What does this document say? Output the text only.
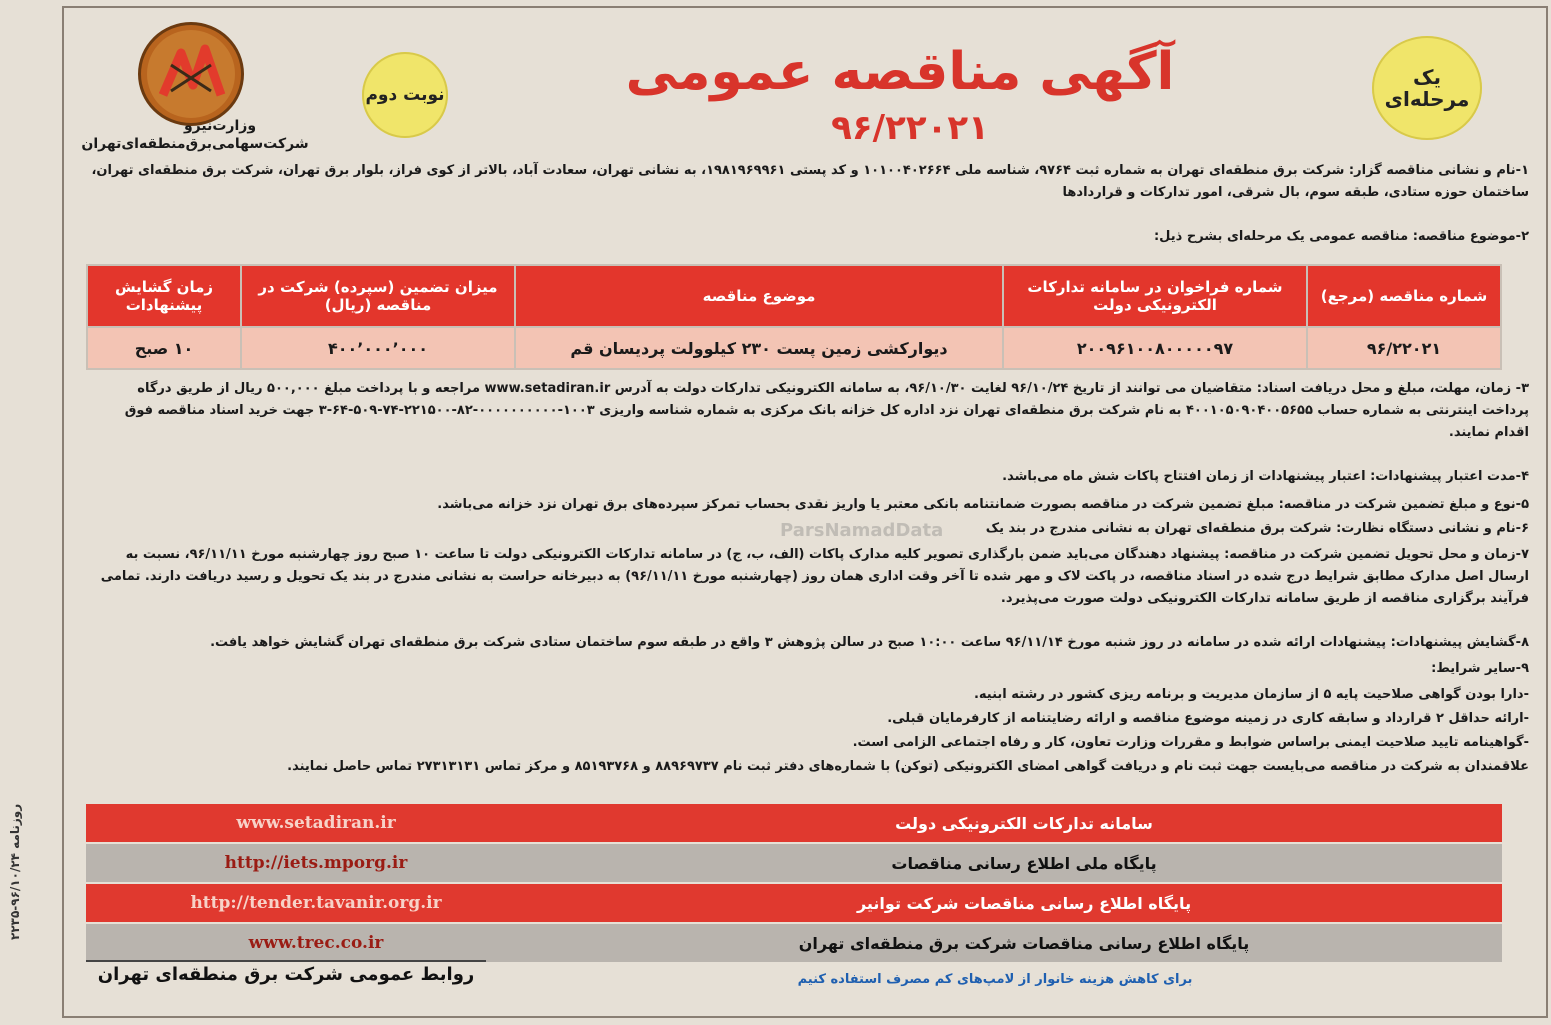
وزارت‌نیرو
شرکت‌سهامی‌برق‌منطقه‌ای‌تهران
نوبت دوم
یک مرحله‌ای
آگهی مناقصه عمومی
۹۶/۲۲۰۲۱
۱-نام و نشانی مناقصه گزار: شرکت برق منطقه‌ای تهران به شماره ثبت ۹۷۶۴، شناسه ملی ۱۰۱۰۰۴۰۲۶۶۴ و کد پستی ۱۹۸۱۹۶۹۹۶۱، به نشانی تهران، سعادت آباد، بالاتر از کوی فراز، بلوار برق تهران، شرکت برق منطقه‌ای تهران، ساختمان حوزه ستادی، طبقه سوم، بال شرقی، امور تدارکات و قراردادها
۲-موضوع مناقصه: مناقصه عمومی یک مرحله‌ای بشرح ذیل:
شماره مناقصه (مرجع)	شماره فراخوان در سامانه تدارکات الکترونیکی دولت	موضوع مناقصه	میزان تضمین (سپرده) شرکت در مناقصه (ریال)	زمان گشایش پیشنهادات
۹۶/۲۲۰۲۱	۲۰۰۹۶۱۰۰۸۰۰۰۰۰۹۷	دیوارکشی زمین پست ۲۳۰ کیلوولت پردیسان قم	۴۰۰٬۰۰۰٬۰۰۰	۱۰ صبح
۳- زمان، مهلت، مبلغ و محل دریافت اسناد: متقاضیان می توانند از تاریخ ۹۶/۱۰/۲۴ لغایت ۹۶/۱۰/۳۰، به سامانه الکترونیکی تدارکات دولت به آدرس www.setadiran.ir مراجعه و با پرداخت مبلغ ۵۰۰,۰۰۰ ریال از طریق درگاه پرداخت اینترنتی به شماره حساب ۴۰۰۱۰۵۰۹۰۴۰۰۵۶۵۵ به نام شرکت برق منطقه‌ای تهران نزد اداره کل خزانه بانک مرکزی به شماره شناسه واریزی ۱۰۰۳-۰۰۰۰۰۰۰۰۰۰-۸۲-۲۲۱۵۰۰-۷۴-۵۰۹-۶۴-۳ جهت خرید اسناد مناقصه فوق اقدام نمایند.
۴-مدت اعتبار پیشنهادات: اعتبار پیشنهادات از زمان افتتاح پاکات شش ماه می‌باشد.
۵-نوع و مبلغ تضمین شرکت در مناقصه: مبلغ تضمین شرکت در مناقصه بصورت ضمانتنامه بانکی معتبر یا واریز نقدی بحساب تمرکز سپرده‌های برق تهران نزد خزانه می‌باشد.
۶-نام و نشانی دستگاه نظارت: شرکت برق منطقه‌ای تهران به نشانی مندرج در بند یک
۷-زمان و محل تحویل تضمین شرکت در مناقصه: پیشنهاد دهندگان می‌باید ضمن بارگذاری تصویر کلیه مدارک پاکات (الف، ب، ج) در سامانه تدارکات الکترونیکی دولت تا ساعت ۱۰ صبح روز چهارشنبه مورخ ۹۶/۱۱/۱۱، نسبت به ارسال اصل مدارک مطابق شرایط درج شده در اسناد مناقصه، در پاکت لاک و مهر شده تا آخر وقت اداری همان روز (چهارشنبه مورخ ۹۶/۱۱/۱۱) به دبیرخانه حراست به نشانی مندرج در بند یک تحویل و رسید دریافت دارند. تمامی فرآیند برگزاری مناقصه از طریق سامانه تدارکات الکترونیکی دولت صورت می‌پذیرد.
۸-گشایش پیشنهادات: پیشنهادات ارائه شده در سامانه در روز شنبه مورخ ۹۶/۱۱/۱۴ ساعت ۱۰:۰۰ صبح در سالن پژوهش ۳ واقع در طبقه سوم ساختمان ستادی شرکت برق منطقه‌ای تهران گشایش خواهد یافت.
۹-سایر شرایط:
-دارا بودن گواهی صلاحیت پایه ۵ از سازمان مدیریت و برنامه ریزی کشور در رشته ابنیه.
-ارائه حداقل ۲ قرارداد و سابقه کاری در زمینه موضوع مناقصه و ارائه رضایتنامه از کارفرمایان قبلی.
-گواهینامه تایید صلاحیت ایمنی براساس ضوابط و مقررات وزارت تعاون، کار و رفاه اجتماعی الزامی است.
علاقمندان به شرکت در مناقصه می‌بایست جهت ثبت نام و دریافت گواهی امضای الکترونیکی (توکن) با شماره‌های دفتر ثبت نام ۸۸۹۶۹۷۳۷ و ۸۵۱۹۳۷۶۸ و مرکز تماس ۲۷۳۱۳۱۳۱ تماس حاصل نمایند.
ParsNamadData
روزنامه ۹۶/۱۰/۲۴-۲۲۳۵	www.setadiran.ir	سامانه تدارکات الکترونیکی دولت
http://iets.mporg.ir	پایگاه ملی اطلاع رسانی مناقصات
http://tender.tavanir.org.ir	پایگاه اطلاع رسانی مناقصات شرکت توانیر
www.trec.co.ir	پایگاه اطلاع رسانی مناقصات شرکت برق منطقه‌ای تهران
روابط عمومی شرکت برق منطقه‌ای تهران	برای کاهش هزینه خانوار از لامپ‌های کم مصرف استفاده کنیم
